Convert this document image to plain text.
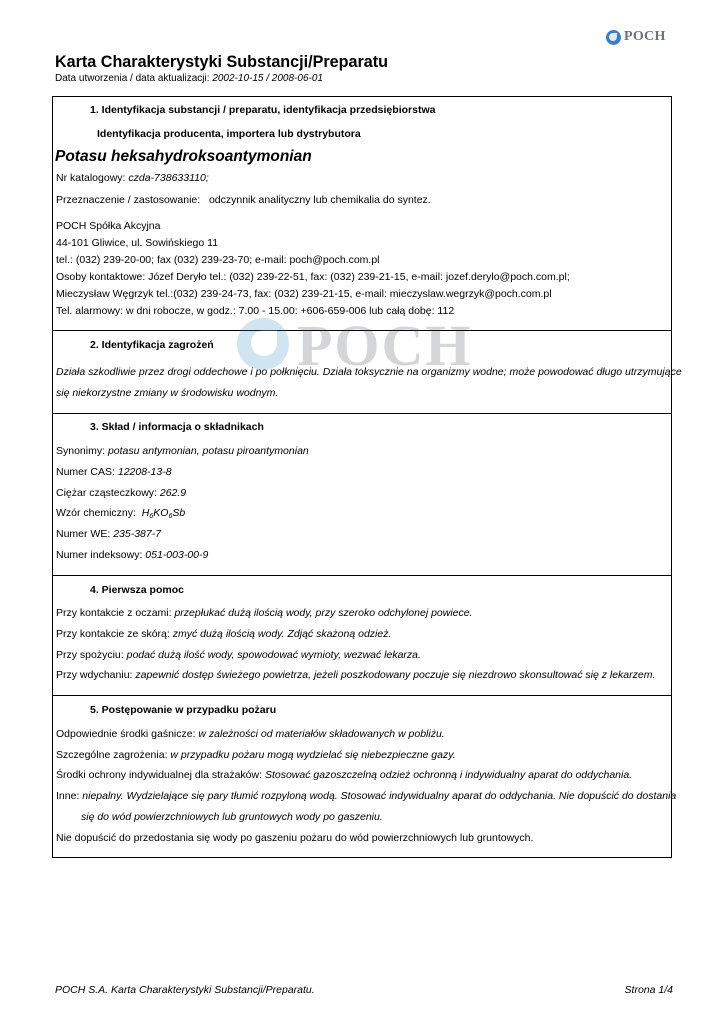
POCH
Karta Charakterystyki Substancji/Preparatu
Data utworzenia / data aktualizacji: 2002-10-15 / 2008-06-01
POCH
1. Identyfikacja substancji / preparatu, identyfikacja przedsiębiorstwa
Identyfikacja producenta, importera lub dystrybutora
Potasu heksahydroksoantymonian
Nr katalogowy: czda-738633110;
Przeznaczenie / zastosowanie: odczynnik analityczny lub chemikalia do syntez.
POCH Spółka Akcyjna
44-101 Gliwice, ul. Sowińskiego 11
tel.: (032) 239-20-00; fax (032) 239-23-70; e-mail: poch@poch.com.pl
Osoby kontaktowe: Józef Deryło tel.: (032) 239-22-51, fax: (032) 239-21-15, e-mail: jozef.derylo@poch.com.pl;
Mieczysław Węgrzyk tel.:(032) 239-24-73, fax: (032) 239-21-15, e-mail: mieczyslaw.wegrzyk@poch.com.pl
Tel. alarmowy: w dni robocze, w godz.: 7.00 - 15.00: +606-659-006 lub całą dobę: 112
2. Identyfikacja zagrożeń
Działa szkodliwie przez drogi oddechowe i po połknięciu. Działa toksycznie na organizmy wodne; może powodować długo utrzymujące
się niekorzystne zmiany w środowisku wodnym.
3. Skład / informacja o składnikach
Synonimy: potasu antymonian, potasu piroantymonian
Numer CAS: 12208-13-8
Ciężar cząsteczkowy: 262.9
Wzór chemiczny: $H_6KO_6Sb$
Numer WE: 235-387-7
Numer indeksowy: 051-003-00-9
4. Pierwsza pomoc
Przy kontakcie z oczami: przepłukać dużą ilością wody, przy szeroko odchylonej powiece.
Przy kontakcie ze skórą: zmyć dużą ilością wody. Zdjąć skażoną odzież.
Przy spożyciu: podać dużą ilość wody, spowodować wymioty, wezwać lekarza.
Przy wdychaniu: zapewnić dostęp świeżego powietrza, jeżeli poszkodowany poczuje się niezdrowo skonsultować się z lekarzem.
5. Postępowanie w przypadku pożaru
Odpowiednie środki gaśnicze: w zależności od materiałów składowanych w pobliżu.
Szczególne zagrożenia: w przypadku pożaru mogą wydzielać się niebezpieczne gazy.
Środki ochrony indywidualnej dla strażaków: Stosować gazoszczelną odzież ochronną i indywidualny aparat do oddychania.
Inne: niepalny. Wydzielające się pary tłumić rozpyloną wodą. Stosować indywidualny aparat do oddychania. Nie dopuścić do dostania
się do wód powierzchniowych lub gruntowych wody po gaszeniu.
Nie dopuścić do przedostania się wody po gaszeniu pożaru do wód powierzchniowych lub gruntowych.
POCH S.A. Karta Charakterystyki Substancji/Preparatu.	Strona 1/4
